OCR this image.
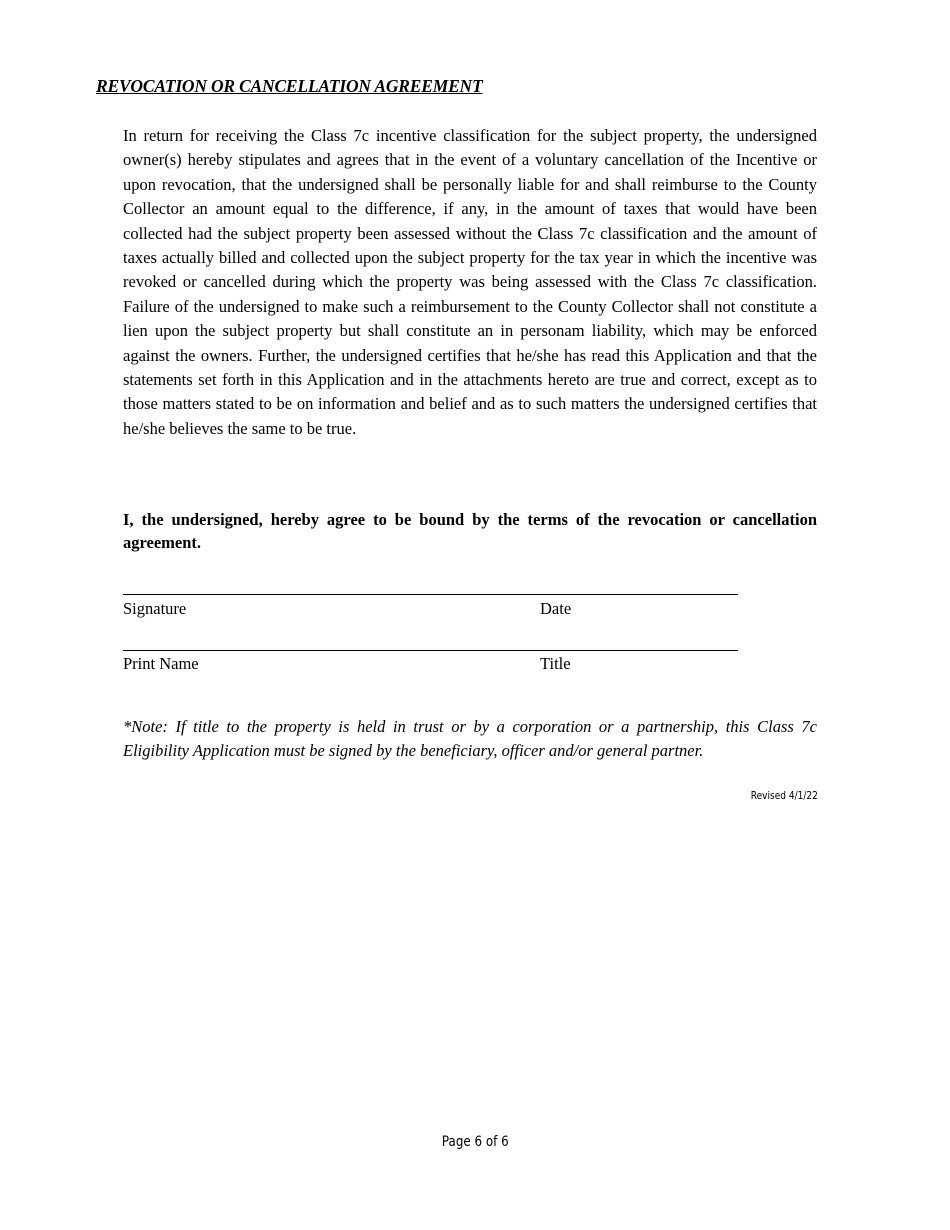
REVOCATION OR CANCELLATION AGREEMENT

In return for receiving the Class 7c incentive classification for the subject property, the undersigned owner(s) hereby stipulates and agrees that in the event of a voluntary cancellation of the Incentive or upon revocation, that the undersigned shall be personally liable for and shall reimburse to the County Collector an amount equal to the difference, if any, in the amount of taxes that would have been collected had the subject property been assessed without the Class 7c classification and the amount of taxes actually billed and collected upon the subject property for the tax year in which the incentive was revoked or cancelled during which the property was being assessed with the Class 7c classification. Failure of the undersigned to make such a reimbursement to the County Collector shall not constitute a lien upon the subject property but shall constitute an in personam liability, which may be enforced against the owners. Further, the undersigned certifies that he/she has read this Application and that the statements set forth in this Application and in the attachments hereto are true and correct, except as to those matters stated to be on information and belief and as to such matters the undersigned certifies that he/she believes the same to be true.

I, the undersigned, hereby agree to be bound by the terms of the revocation or cancellation agreement.

Signature	Date
Print Name	Title

*Note: If title to the property is held in trust or by a corporation or a partnership, this Class 7c Eligibility Application must be signed by the beneficiary, officer and/or general partner.

Revised 4/1/22
Page 6 of 6
